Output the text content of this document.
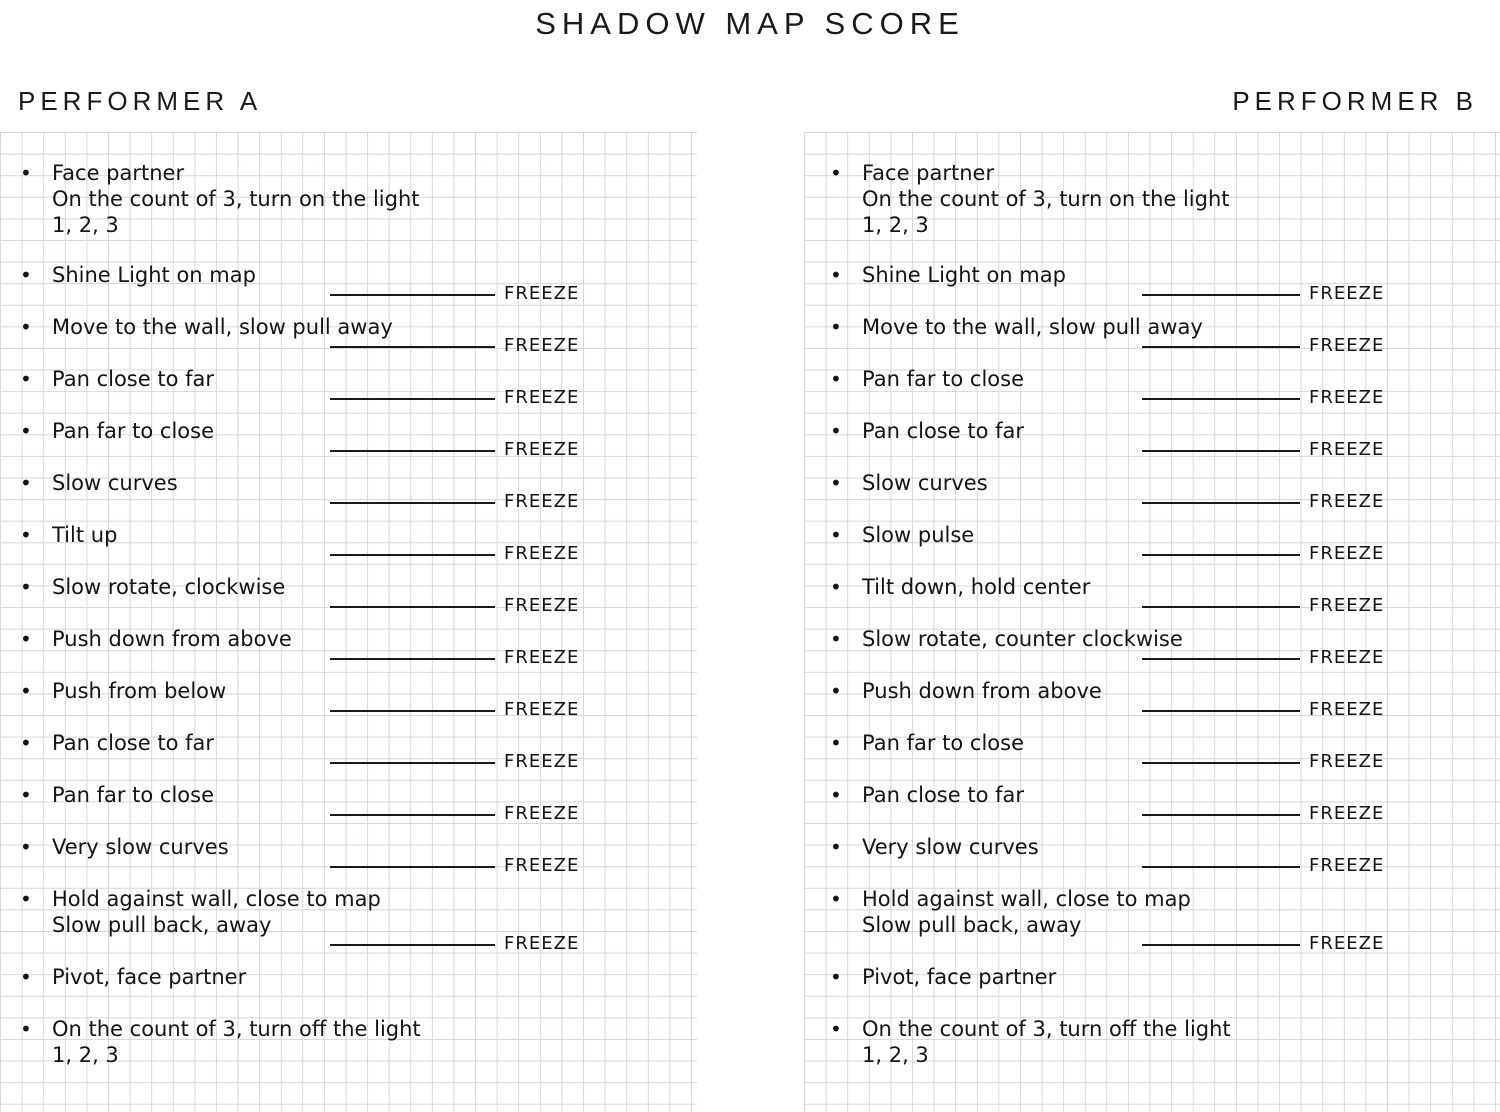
SHADOW MAP SCORE
PERFORMER A	PERFORMER B
• Face partner
On the count of 3, turn on the light
1, 2, 3
• Shine Light on map
FREEZE
• Move to the wall, slow pull away
FREEZE
• Pan close to far
FREEZE
• Pan far to close
FREEZE
• Slow curves
FREEZE
• Tilt up
FREEZE
• Slow rotate, clockwise
FREEZE
• Push down from above
FREEZE
• Push from below
FREEZE
• Pan close to far
FREEZE
• Pan far to close
FREEZE
• Very slow curves
FREEZE
• Hold against wall, close to map
Slow pull back, away
FREEZE
• Pivot, face partner
• On the count of 3, turn off the light
1, 2, 3
• Face partner
On the count of 3, turn on the light
1, 2, 3
• Shine Light on map
FREEZE
• Move to the wall, slow pull away
FREEZE
• Pan far to close
FREEZE
• Pan close to far
FREEZE
• Slow curves
FREEZE
• Slow pulse
FREEZE
• Tilt down, hold center
FREEZE
• Slow rotate, counter clockwise
FREEZE
• Push down from above
FREEZE
• Pan far to close
FREEZE
• Pan close to far
FREEZE
• Very slow curves
FREEZE
• Hold against wall, close to map
Slow pull back, away
FREEZE
• Pivot, face partner
• On the count of 3, turn off the light
1, 2, 3
